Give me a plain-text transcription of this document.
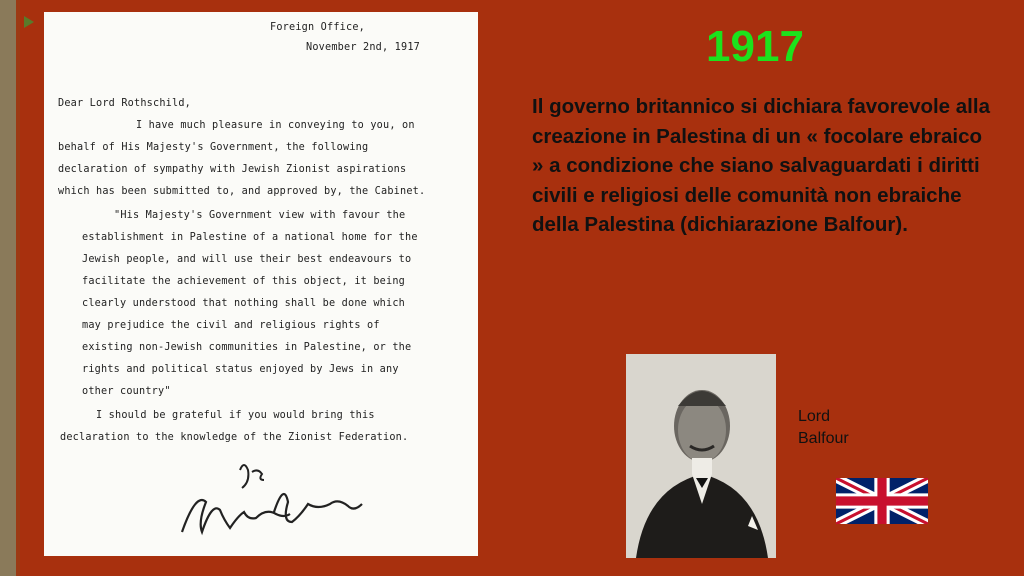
Foreign Office,
November 2nd, 1917
Dear Lord Rothschild,
I have much pleasure in conveying to you, on
behalf of His Majesty's Government, the following
declaration of sympathy with Jewish Zionist aspirations
which has been submitted to, and approved by, the Cabinet.
"His Majesty's Government view with favour the
establishment in Palestine of a national home for the
Jewish people, and will use their best endeavours to
facilitate the achievement of this object, it being
clearly understood that nothing shall be done which
may prejudice the civil and religious rights of
existing non-Jewish communities in Palestine, or the
rights and political status enjoyed by Jews in any
other country"
I should be grateful if you would bring this
declaration to the knowledge of the Zionist Federation.
1917
Il governo britannico si dichiara favorevole alla creazione in Palestina di un « focolare ebraico » a condizione che siano salvaguardati i diritti civili e religiosi delle comunità non ebraiche della Palestina (dichiarazione Balfour).
Lord
Balfour
